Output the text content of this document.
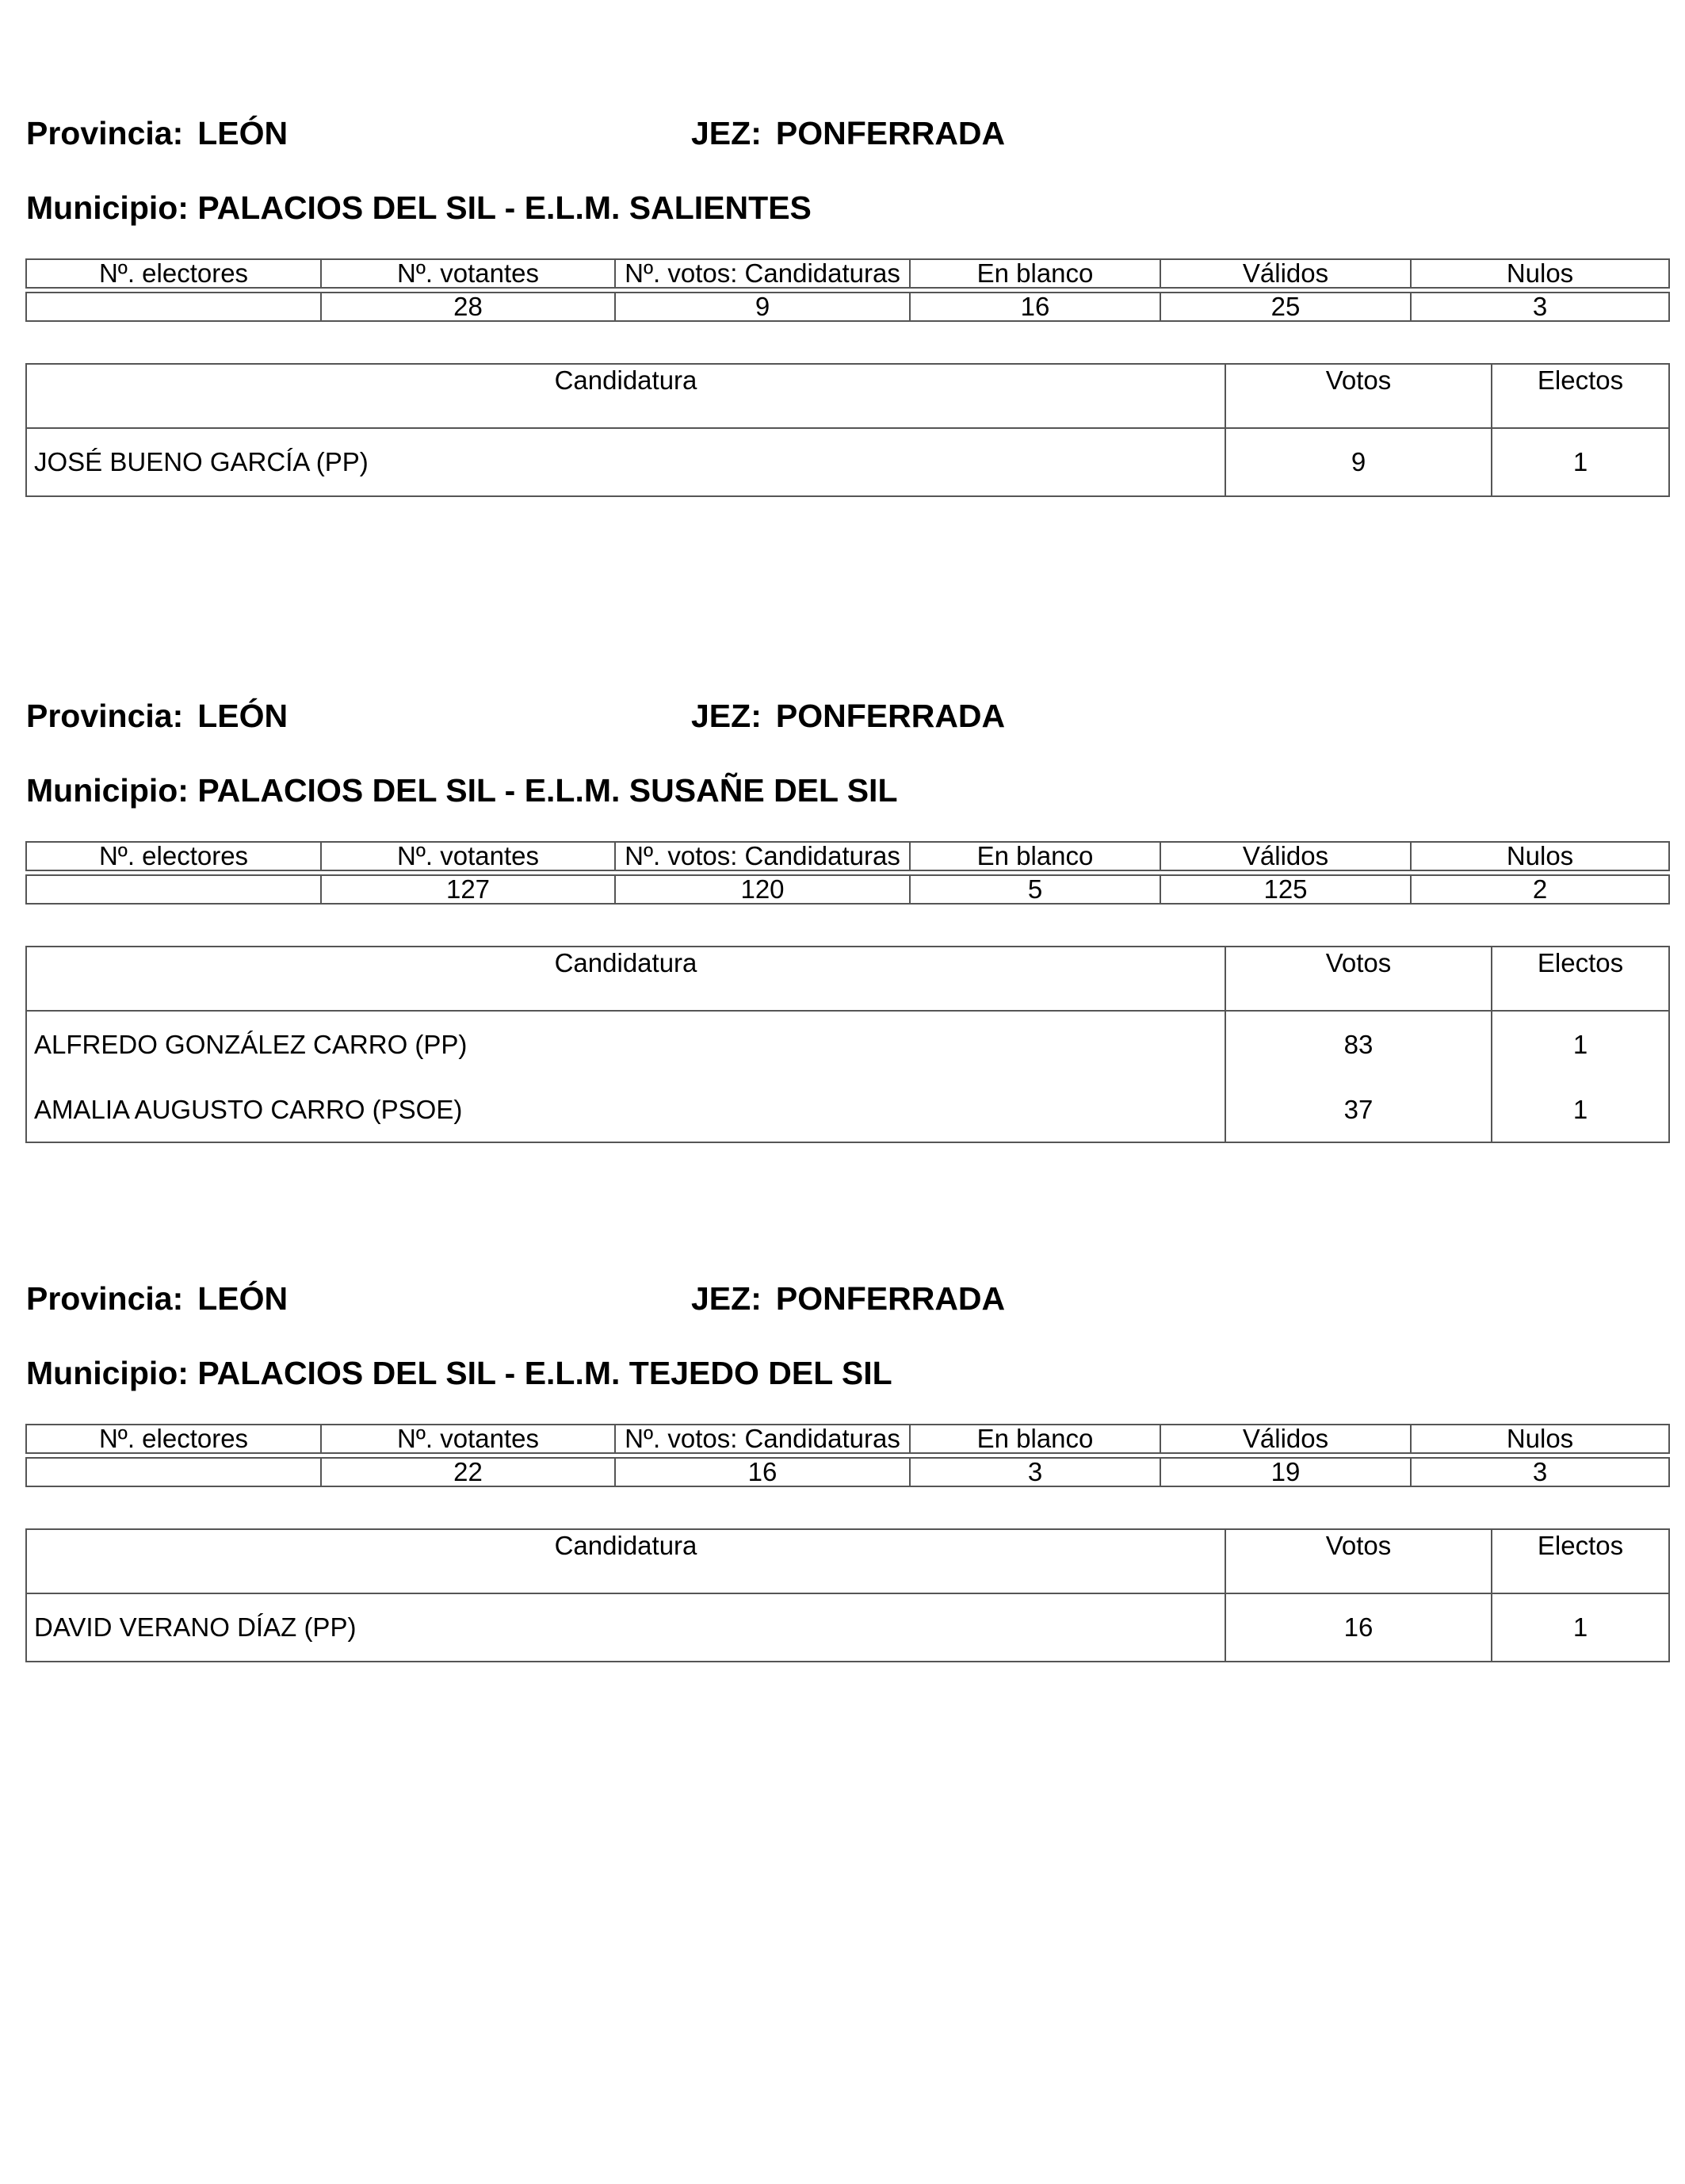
Provincia: LEÓN	JEZ: PONFERRADA
Municipio: PALACIOS DEL SIL - E.L.M. SALIENTES
Nº. electores	Nº. votantes	Nº. votos: Candidaturas	En blanco	Válidos	Nulos

	28	9	16	25	3
Candidatura	Votos	Electos
JOSÉ BUENO GARCÍA (PP)	9	1
Provincia: LEÓN	JEZ: PONFERRADA
Municipio: PALACIOS DEL SIL - E.L.M. SUSAÑE DEL SIL
Nº. electores	Nº. votantes	Nº. votos: Candidaturas	En blanco	Válidos	Nulos

	127	120	5	125	2
Candidatura	Votos	Electos
ALFREDO GONZÁLEZ CARRO (PP)	83	1
AMALIA AUGUSTO CARRO (PSOE)	37	1
Provincia: LEÓN	JEZ: PONFERRADA
Municipio: PALACIOS DEL SIL - E.L.M. TEJEDO DEL SIL
Nº. electores	Nº. votantes	Nº. votos: Candidaturas	En blanco	Válidos	Nulos

	22	16	3	19	3
Candidatura	Votos	Electos
DAVID VERANO DÍAZ (PP)	16	1
